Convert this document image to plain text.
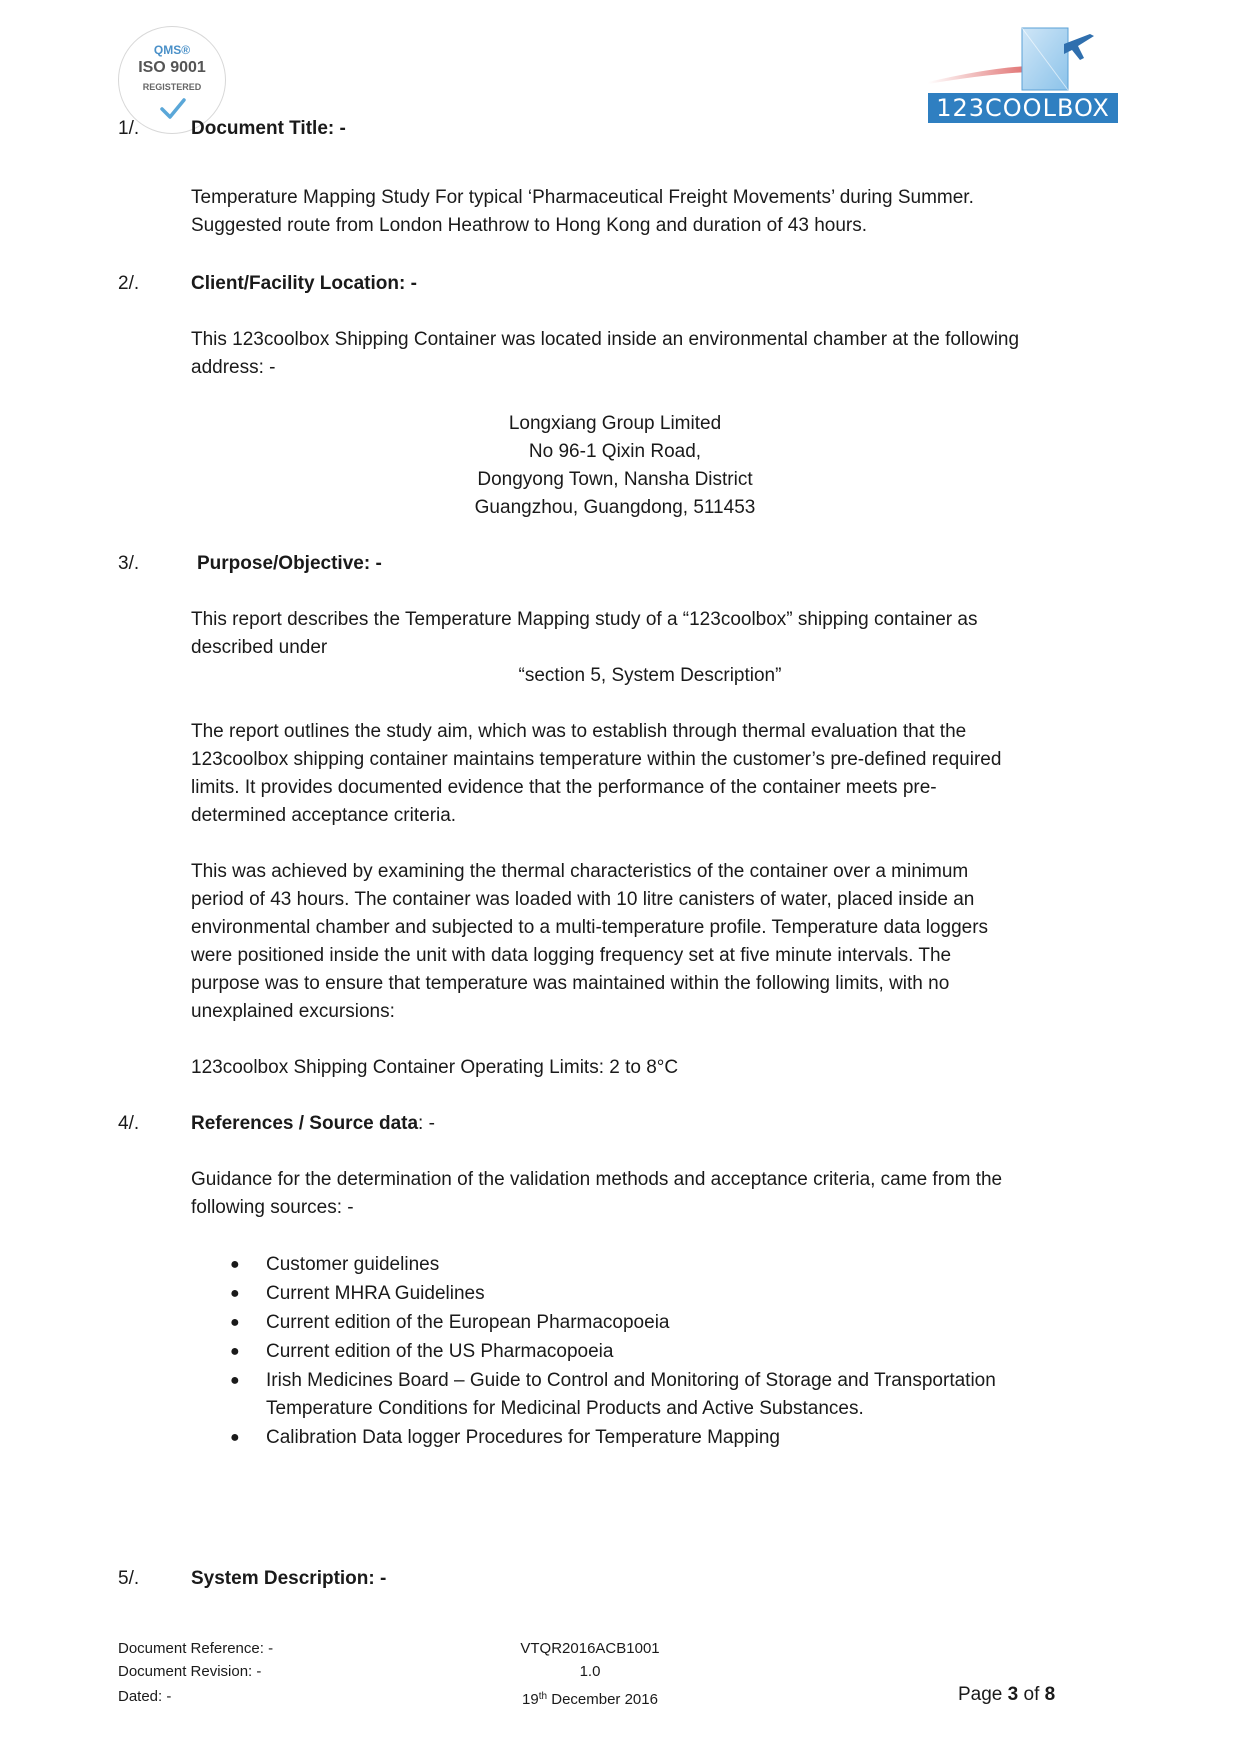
QMS®
ISO 9001
REGISTERED
123COOLBOX
1/.	Document Title: -
Temperature Mapping Study For typical ‘Pharmaceutical Freight Movements’ during Summer.
Suggested route from London Heathrow to Hong Kong and duration of 43 hours.
2/.	Client/Facility Location: -
This 123coolbox Shipping Container was located inside an environmental chamber at the following
address: -
Longxiang Group Limited
No 96-1 Qixin Road,
Dongyong Town, Nansha District
Guangzhou, Guangdong, 511453
3/.	Purpose/Objective: -
This report describes the Temperature Mapping study of a “123coolbox” shipping container as
described under
“section 5, System Description”
The report outlines the study aim, which was to establish through thermal evaluation that the
123coolbox shipping container maintains temperature within the customer’s pre-defined required
limits. It provides documented evidence that the performance of the container meets pre-
determined acceptance criteria.
This was achieved by examining the thermal characteristics of the container over a minimum
period of 43 hours. The container was loaded with 10 litre canisters of water, placed inside an
environmental chamber and subjected to a multi-temperature profile. Temperature data loggers
were positioned inside the unit with data logging frequency set at five minute intervals. The
purpose was to ensure that temperature was maintained within the following limits, with no
unexplained excursions:
123coolbox Shipping Container Operating Limits: 2 to 8°C
4/.	References / Source data: -
Guidance for the determination of the validation methods and acceptance criteria, came from the
following sources: -
● Customer guidelines
● Current MHRA Guidelines
● Current edition of the European Pharmacopoeia
● Current edition of the US Pharmacopoeia
● Irish Medicines Board – Guide to Control and Monitoring of Storage and Transportation
Temperature Conditions for Medicinal Products and Active Substances.
● Calibration Data logger Procedures for Temperature Mapping
5/.	System Description: -
Document Reference: -	VTQR2016ACB1001
Document Revision: -	1.0
Dated: -	19th December 2016	Page 3 of 8
